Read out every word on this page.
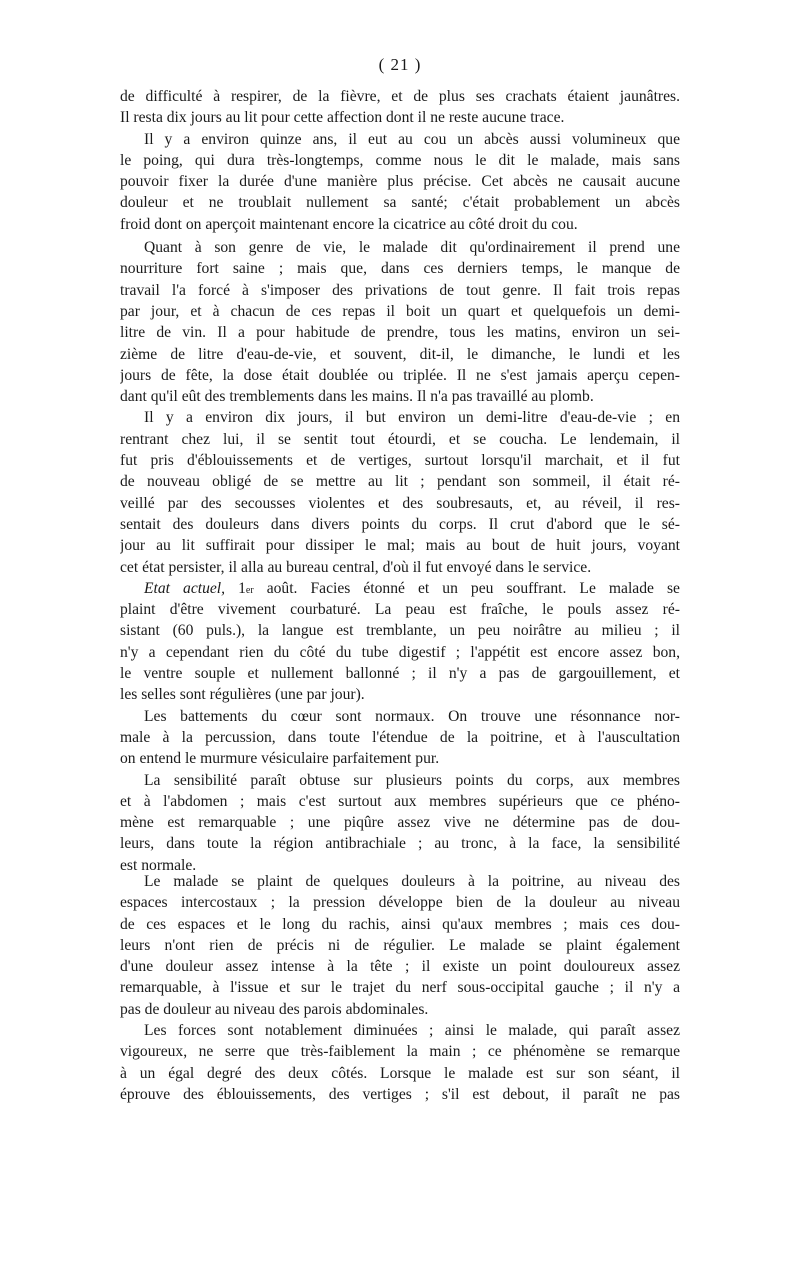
( 21 )
de difficulté à respirer, de la fièvre, et de plus ses crachats étaient jaunâtres.
Il resta dix jours au lit pour cette affection dont il ne reste aucune trace.
Il y a environ quinze ans, il eut au cou un abcès aussi volumineux que
le poing, qui dura très-longtemps, comme nous le dit le malade, mais sans
pouvoir fixer la durée d'une manière plus précise. Cet abcès ne causait aucune
douleur et ne troublait nullement sa santé; c'était probablement un abcès
froid dont on aperçoit maintenant encore la cicatrice au côté droit du cou.
Quant à son genre de vie, le malade dit qu'ordinairement il prend une
nourriture fort saine ; mais que, dans ces derniers temps, le manque de
travail l'a forcé à s'imposer des privations de tout genre. Il fait trois repas
par jour, et à chacun de ces repas il boit un quart et quelquefois un demi-
litre de vin. Il a pour habitude de prendre, tous les matins, environ un sei-
zième de litre d'eau-de-vie, et souvent, dit-il, le dimanche, le lundi et les
jours de fête, la dose était doublée ou triplée. Il ne s'est jamais aperçu cepen-
dant qu'il eût des tremblements dans les mains. Il n'a pas travaillé au plomb.
Il y a environ dix jours, il but environ un demi-litre d'eau-de-vie ; en
rentrant chez lui, il se sentit tout étourdi, et se coucha. Le lendemain, il
fut pris d'éblouissements et de vertiges, surtout lorsqu'il marchait, et il fut
de nouveau obligé de se mettre au lit ; pendant son sommeil, il était ré-
veillé par des secousses violentes et des soubresauts, et, au réveil, il res-
sentait des douleurs dans divers points du corps. Il crut d'abord que le sé-
jour au lit suffirait pour dissiper le mal; mais au bout de huit jours, voyant
cet état persister, il alla au bureau central, d'où il fut envoyé dans le service.
Etat actuel, 1er août. Facies étonné et un peu souffrant. Le malade se
plaint d'être vivement courbaturé. La peau est fraîche, le pouls assez ré-
sistant (60 puls.), la langue est tremblante, un peu noirâtre au milieu ; il
n'y a cependant rien du côté du tube digestif ; l'appétit est encore assez bon,
le ventre souple et nullement ballonné ; il n'y a pas de gargouillement, et
les selles sont régulières (une par jour).
Les battements du cœur sont normaux. On trouve une résonnance nor-
male à la percussion, dans toute l'étendue de la poitrine, et à l'auscultation
on entend le murmure vésiculaire parfaitement pur.
La sensibilité paraît obtuse sur plusieurs points du corps, aux membres
et à l'abdomen ; mais c'est surtout aux membres supérieurs que ce phéno-
mène est remarquable ; une piqûre assez vive ne détermine pas de dou-
leurs, dans toute la région antibrachiale ; au tronc, à la face, la sensibilité
est normale.
Le malade se plaint de quelques douleurs à la poitrine, au niveau des
espaces intercostaux ; la pression développe bien de la douleur au niveau
de ces espaces et le long du rachis, ainsi qu'aux membres ; mais ces dou-
leurs n'ont rien de précis ni de régulier. Le malade se plaint également
d'une douleur assez intense à la tête ; il existe un point douloureux assez
remarquable, à l'issue et sur le trajet du nerf sous-occipital gauche ; il n'y a
pas de douleur au niveau des parois abdominales.
Les forces sont notablement diminuées ; ainsi le malade, qui paraît assez
vigoureux, ne serre que très-faiblement la main ; ce phénomène se remarque
à un égal degré des deux côtés. Lorsque le malade est sur son séant, il
éprouve des éblouissements, des vertiges ; s'il est debout, il paraît ne pas
